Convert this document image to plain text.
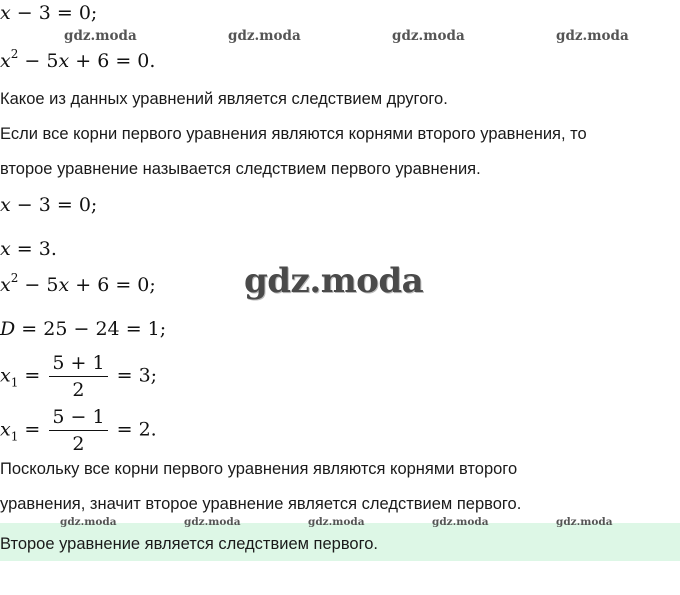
x − 3 = 0;
gdz.moda	gdz.moda	gdz.moda	gdz.moda
$x^2 - 5x + 6 = 0$.
Какое из данных уравнений является следствием другого.
Если все корни первого уравнения являются корнями второго уравнения, то
второе уравнение называется следствием первого уравнения.
x − 3 = 0;
x = 3.
gdz.moda
$x^2 - 5x + 6 = 0$;
D = 25 − 24 = 1;
$x_1 = \frac{5 + 1}{2} = 3$;
$x_1 = \frac{5 - 1}{2} = 2$.
Поскольку все корни первого уравнения являются корнями второго
уравнения, значит второе уравнение является следствием первого.
gdz.moda	gdz.moda	gdz.moda	gdz.moda	gdz.moda
Второе уравнение является следствием первого.
